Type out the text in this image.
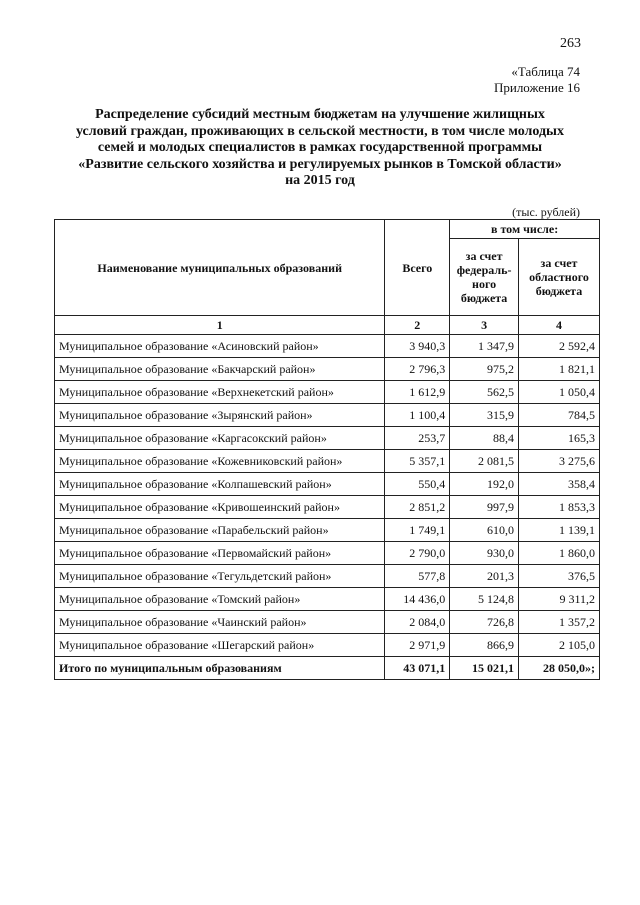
263
«Таблица 74
Приложение 16
Распределение субсидий местным бюджетам на улучшение жилищных условий граждан, проживающих в сельской местности, в том числе молодых семей и молодых специалистов в рамках государственной программы «Развитие сельского хозяйства и регулируемых рынков в Томской области» на 2015 год
(тыс. рублей)
Наименование муниципальных образований	Всего	в том числе:	
		за счет федераль-ного бюджета	за счет областного бюджета
1	2	3	4
Муниципальное образование «Асиновский район»	3 940,3	1 347,9	2 592,4
Муниципальное образование «Бакчарский район»	2 796,3	975,2	1 821,1
Муниципальное образование «Верхнекетский район»	1 612,9	562,5	1 050,4
Муниципальное образование «Зырянский район»	1 100,4	315,9	784,5
Муниципальное образование «Каргасокский район»	253,7	88,4	165,3
Муниципальное образование «Кожевниковский район»	5 357,1	2 081,5	3 275,6
Муниципальное образование «Колпашевский район»	550,4	192,0	358,4
Муниципальное образование «Кривошеинский район»	2 851,2	997,9	1 853,3
Муниципальное образование «Парабельский район»	1 749,1	610,0	1 139,1
Муниципальное образование «Первомайский район»	2 790,0	930,0	1 860,0
Муниципальное образование «Тегульдетский район»	577,8	201,3	376,5
Муниципальное образование «Томский район»	14 436,0	5 124,8	9 311,2
Муниципальное образование «Чаинский район»	2 084,0	726,8	1 357,2
Муниципальное образование «Шегарский район»	2 971,9	866,9	2 105,0
Итого по муниципальным образованиям	43 071,1	15 021,1	28 050,0»;
